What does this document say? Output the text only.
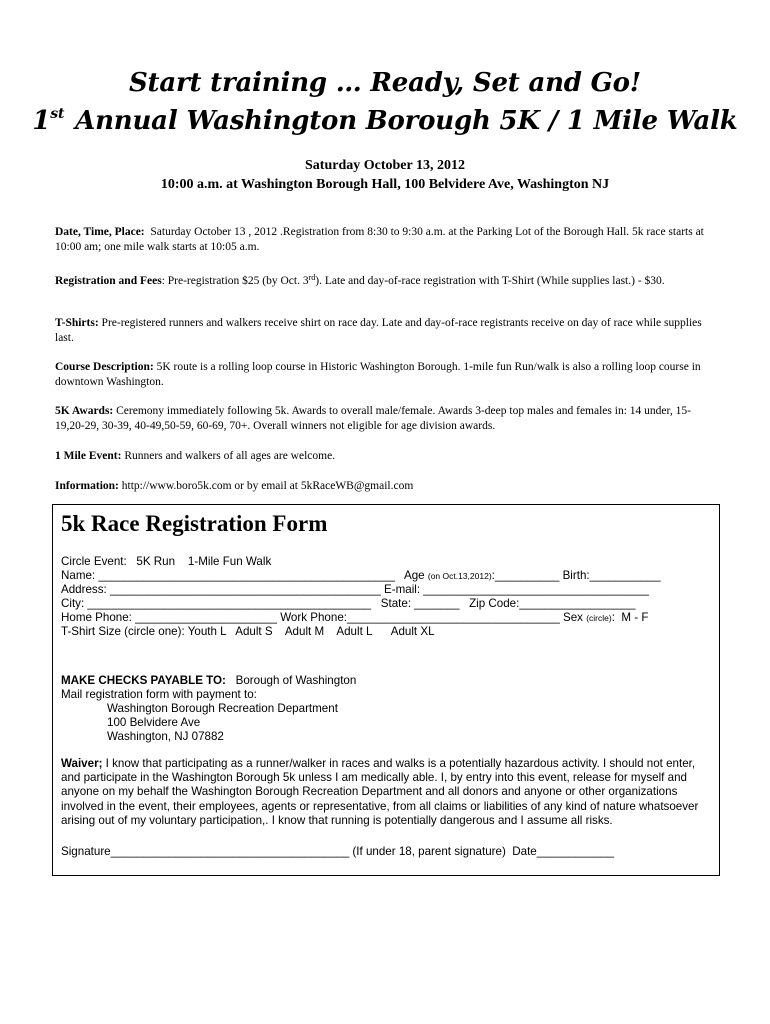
Start training … Ready, Set and Go!
1st Annual Washington Borough 5K / 1 Mile Walk
Saturday October 13, 2012
10:00 a.m. at Washington Borough Hall, 100 Belvidere Ave, Washington NJ
Date, Time, Place: Saturday October 13 , 2012 .Registration from 8:30 to 9:30 a.m. at the Parking Lot of the Borough Hall. 5k race starts at 10:00 am; one mile walk starts at 10:05 a.m.
Registration and Fees: Pre-registration $25 (by Oct. 3rd). Late and day-of-race registration with T-Shirt (While supplies last.) - $30.
T-Shirts: Pre-registered runners and walkers receive shirt on race day. Late and day-of-race registrants receive on day of race while supplies last.
Course Description: 5K route is a rolling loop course in Historic Washington Borough. 1-mile fun Run/walk is also a rolling loop course in downtown Washington.
5K Awards: Ceremony immediately following 5k. Awards to overall male/female. Awards 3-deep top males and females in: 14 under, 15-19,20-29, 30-39, 40-49,50-59, 60-69, 70+. Overall winners not eligible for age division awards.
1 Mile Event: Runners and walkers of all ages are welcome.
Information: http://www.boro5k.com or by email at 5kRaceWB@gmail.com
5k Race Registration Form
Circle Event:   5K Run    1-Mile Fun Walk
Name: ______________________________________________   Age (on Oct.13,2012):__________ Birth:___________
Address: __________________________________________ E-mail: ___________________________________
City: ____________________________________________   State: _______   Zip Code:__________________
Home Phone: ______________________ Work Phone:_________________________________ Sex (circle):  M - F
T-Shirt Size (circle one): Youth L   Adult S    Adult M    Adult L      Adult XL
MAKE CHECKS PAYABLE TO:   Borough of Washington
Mail registration form with payment to:
Washington Borough Recreation Department
100 Belvidere Ave
Washington, NJ 07882
Waiver; I know that participating as a runner/walker in races and walks is a potentially hazardous activity. I should not enter, and participate in the Washington Borough 5k unless I am medically able. I, by entry into this event, release for myself and anyone on my behalf the Washington Borough Recreation Department and all donors and anyone or other organizations involved in the event, their employees, agents or representative, from all claims or liabilities of any kind of nature whatsoever arising out of my voluntary participation,. I know that running is potentially dangerous and I assume all risks.
Signature_____________________________________ (If under 18, parent signature)  Date____________
